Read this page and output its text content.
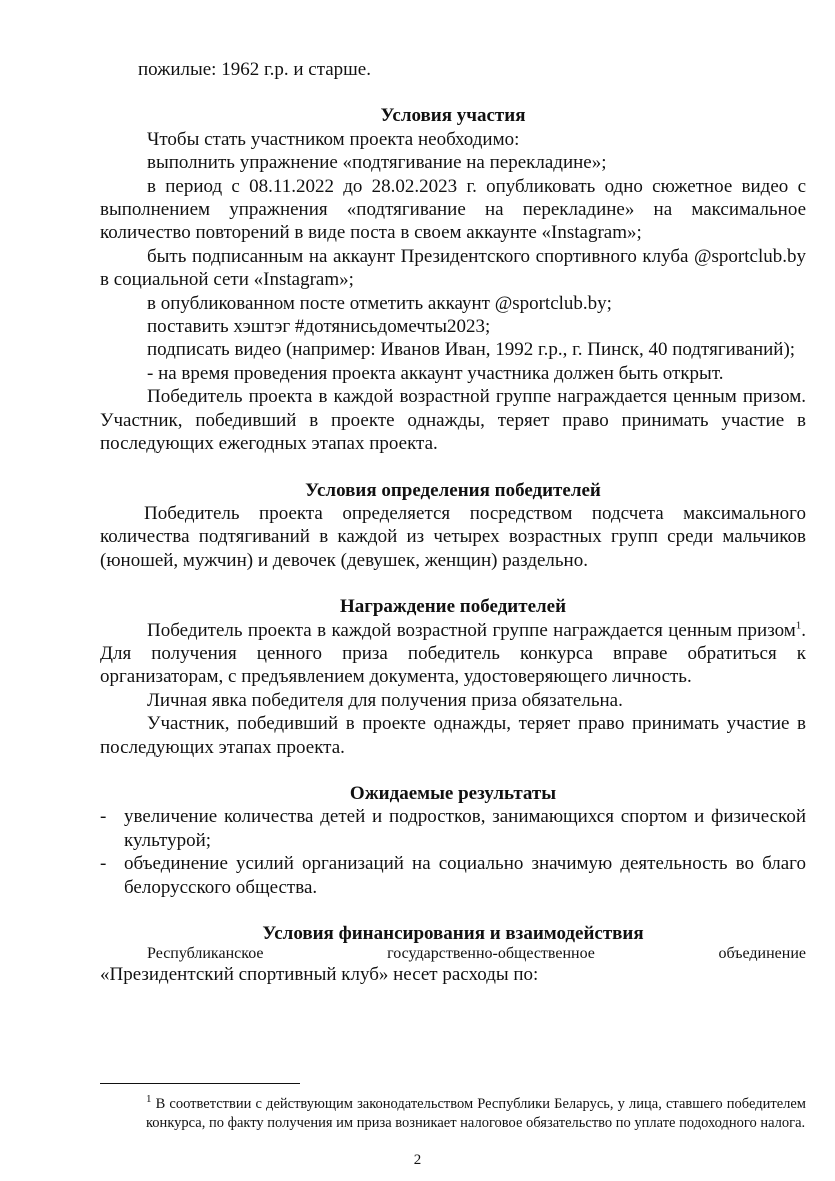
пожилые: 1962 г.р. и старше.

Условия участия

Чтобы стать участником проекта необходимо:

выполнить упражнение «подтягивание на перекладине»;

в период с 08.11.2022 до 28.02.2023 г. опубликовать одно сюжетное видео с выполнением упражнения «подтягивание на перекладине» на максимальное количество повторений в виде поста в своем аккаунте «Instagram»;

быть подписанным на аккаунт Президентского спортивного клуба @sportclub.by в социальной сети «Instagram»;

в опубликованном посте отметить аккаунт @sportclub.by;

поставить хэштэг #дотянисьдомечты2023;

подписать видео (например: Иванов Иван, 1992 г.р., г. Пинск, 40 подтягиваний);

- на время проведения проекта аккаунт участника должен быть открыт.

Победитель проекта в каждой возрастной группе награждается ценным призом. Участник, победивший в проекте однажды, теряет право принимать участие в последующих ежегодных этапах проекта.

Условия определения победителей

Победитель проекта определяется посредством подсчета максимального количества подтягиваний в каждой из четырех возрастных групп среди мальчиков (юношей, мужчин) и девочек (девушек, женщин) раздельно.

Награждение победителей

Победитель проекта в каждой возрастной группе награждается ценным призом$^1$. Для получения ценного приза победитель конкурса вправе обратиться к организаторам, с предъявлением документа, удостоверяющего личность.

Личная явка победителя для получения приза обязательна.

Участник, победивший в проекте однажды, теряет право принимать участие в последующих этапах проекта.

Ожидаемые результаты
- увеличение количества детей и подростков, занимающихся спортом и физической культурой;
- объединение усилий организаций на социально значимую деятельность во благо белорусского общества.
Условия финансирования и взаимодействия
Республиканское	государственно-общественное	объединение

«Президентский спортивный клуб» несет расходы по:

$^1$ В соответствии с действующим законодательством Республики Беларусь, у лица, ставшего победителем конкурса, по факту получения им приза возникает налоговое обязательство по уплате подоходного налога.
2
